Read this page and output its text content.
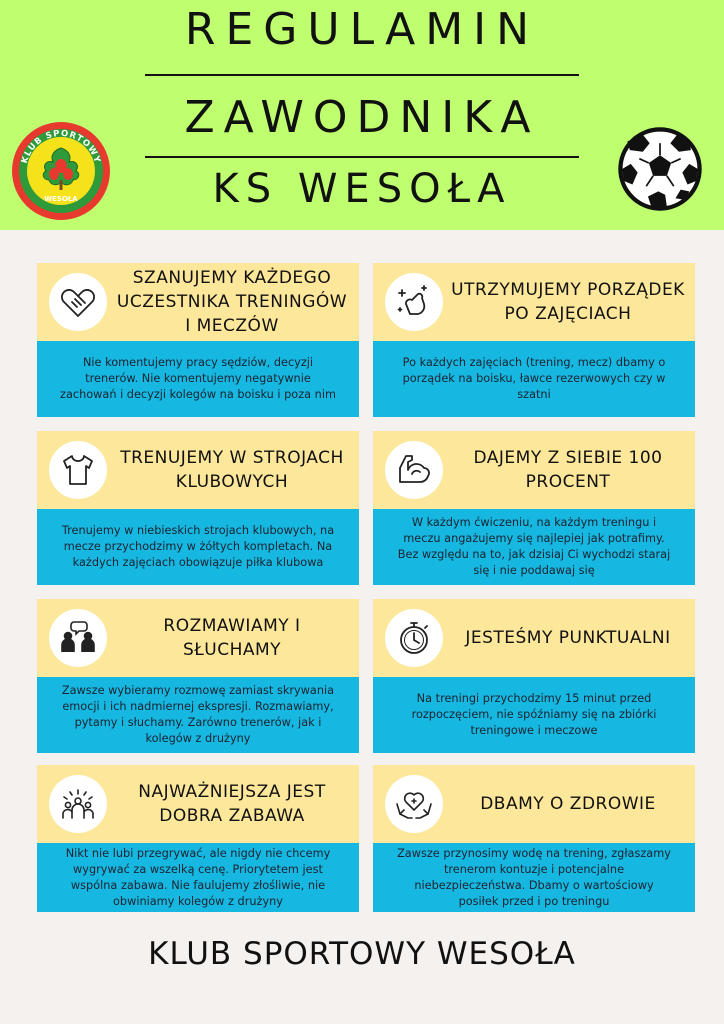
REGULAMIN
ZAWODNIKA
KS WESOŁA
KLUB SPORTOWY
WESOŁA
SZANUJEMY KAŻDEGO UCZESTNIKA TRENINGÓW I MECZÓW
Nie komentujemy pracy sędziów, decyzji trenerów. Nie komentujemy negatywnie zachowań i decyzji kolegów na boisku i poza nim
UTRZYMUJEMY PORZĄDEK PO ZAJĘCIACH
Po każdych zajęciach (trening, mecz) dbamy o porządek na boisku, ławce rezerwowych czy w szatni
TRENUJEMY W STROJACH KLUBOWYCH
Trenujemy w niebieskich strojach klubowych, na mecze przychodzimy w żółtych kompletach. Na każdych zajęciach obowiązuje piłka klubowa
DAJEMY Z SIEBIE 100 PROCENT
W każdym ćwiczeniu, na każdym treningu i meczu angażujemy się najlepiej jak potrafimy. Bez względu na to, jak dzisiaj Ci wychodzi staraj się i nie poddawaj się
ROZMAWIAMY I SŁUCHAMY
Zawsze wybieramy rozmowę zamiast skrywania emocji i ich nadmiernej ekspresji. Rozmawiamy, pytamy i słuchamy. Zarówno trenerów, jak i kolegów z drużyny
JESTEŚMY PUNKTUALNI
Na treningi przychodzimy 15 minut przed rozpoczęciem, nie spóźniamy się na zbiórki treningowe i meczowe
NAJWAŻNIEJSZA JEST DOBRA ZABAWA
Nikt nie lubi przegrywać, ale nigdy nie chcemy wygrywać za wszelką cenę. Priorytetem jest wspólna zabawa. Nie faulujemy złośliwie, nie obwiniamy kolegów z drużyny
DBAMY O ZDROWIE
Zawsze przynosimy wodę na trening, zgłaszamy trenerom kontuzje i potencjalne niebezpieczeństwa. Dbamy o wartościowy posiłek przed i po treningu
KLUB SPORTOWY WESOŁA
